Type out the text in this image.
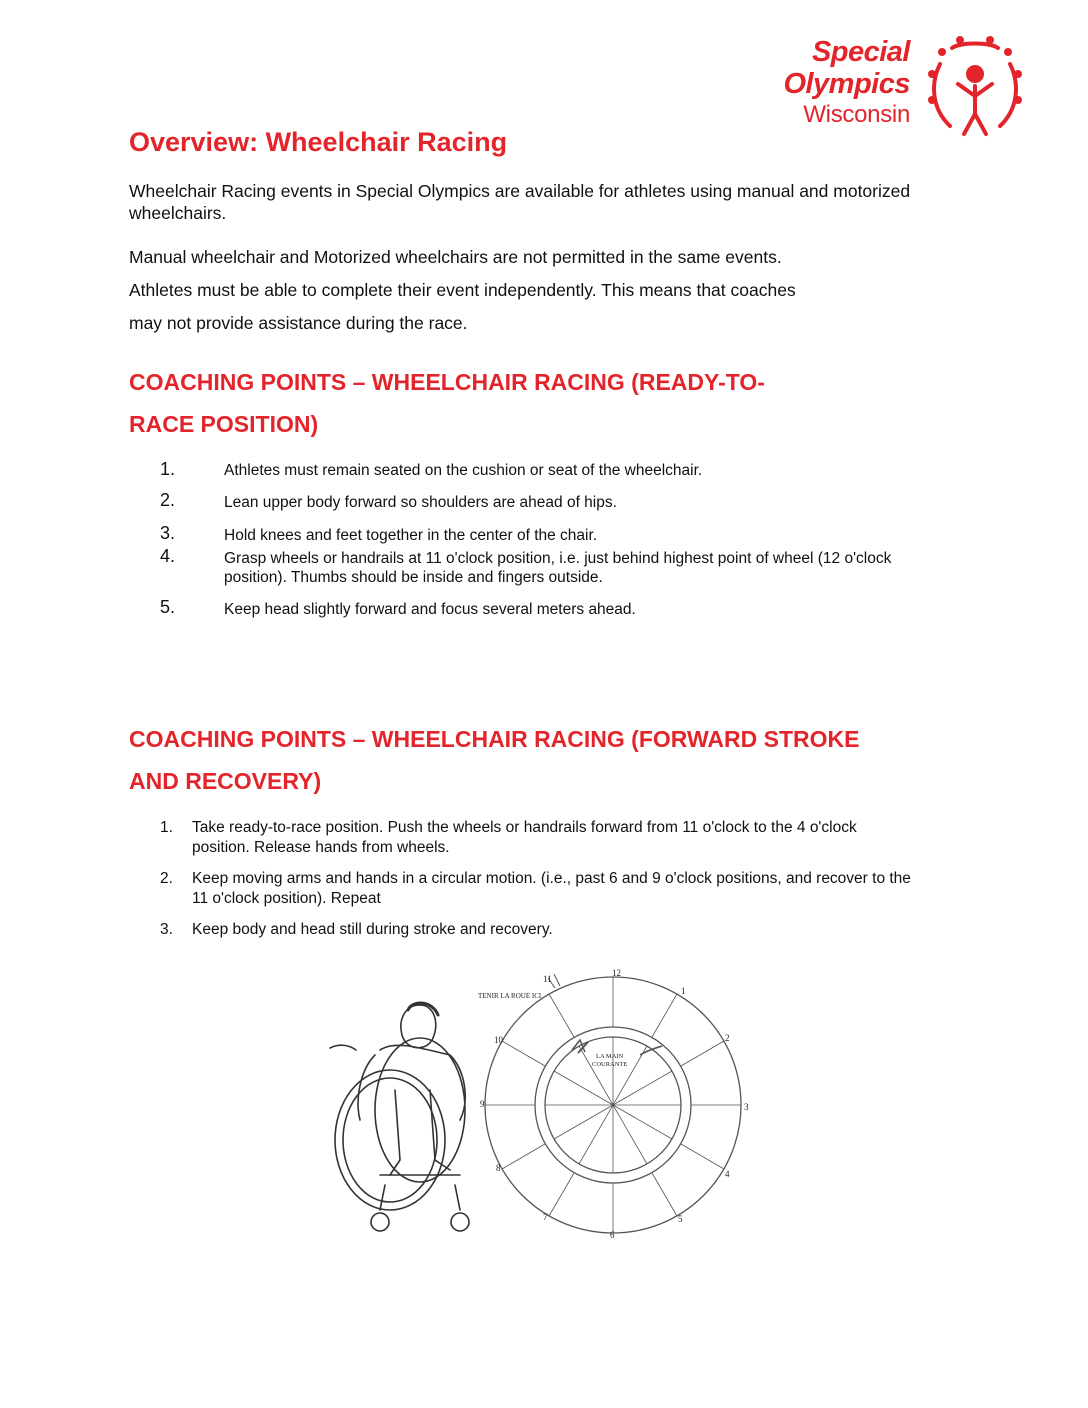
Special
Olympics
Wisconsin
Overview: Wheelchair Racing

Wheelchair Racing events in Special Olympics are available for athletes using manual and motorized wheelchairs.

Manual wheelchair and Motorized wheelchairs are not permitted in the same events.
Athletes must be able to complete their event independently. This means that coaches
may not provide assistance during the race.
COACHING POINTS – WHEELCHAIR RACING (READY-TO-
RACE POSITION)
1.	Athletes must remain seated on the cushion or seat of the wheelchair.
2.	Lean upper body forward so shoulders are ahead of hips.
3.	Hold knees and feet together in the center of the chair.
4.	Grasp wheels or handrails at 11 o'clock position, i.e. just behind highest point of wheel (12 o'clock position). Thumbs should be inside and fingers outside.
5.	Keep head slightly forward and focus several meters ahead.
COACHING POINTS – WHEELCHAIR RACING (FORWARD STROKE
AND RECOVERY)
1. Take ready-to-race position. Push the wheels or handrails forward from 11 o'clock to the 4 o'clock position. Release hands from wheels.
2. Keep moving arms and hands in a circular motion. (i.e., past 6 and 9 o'clock positions, and recover to the 11 o'clock position). Repeat
3. Keep body and head still during stroke and recovery.
12
1
2
3
4
5
6
7
8
9
10
11
TENIR LA ROUE ICI
LA MAIN
COURANTE
